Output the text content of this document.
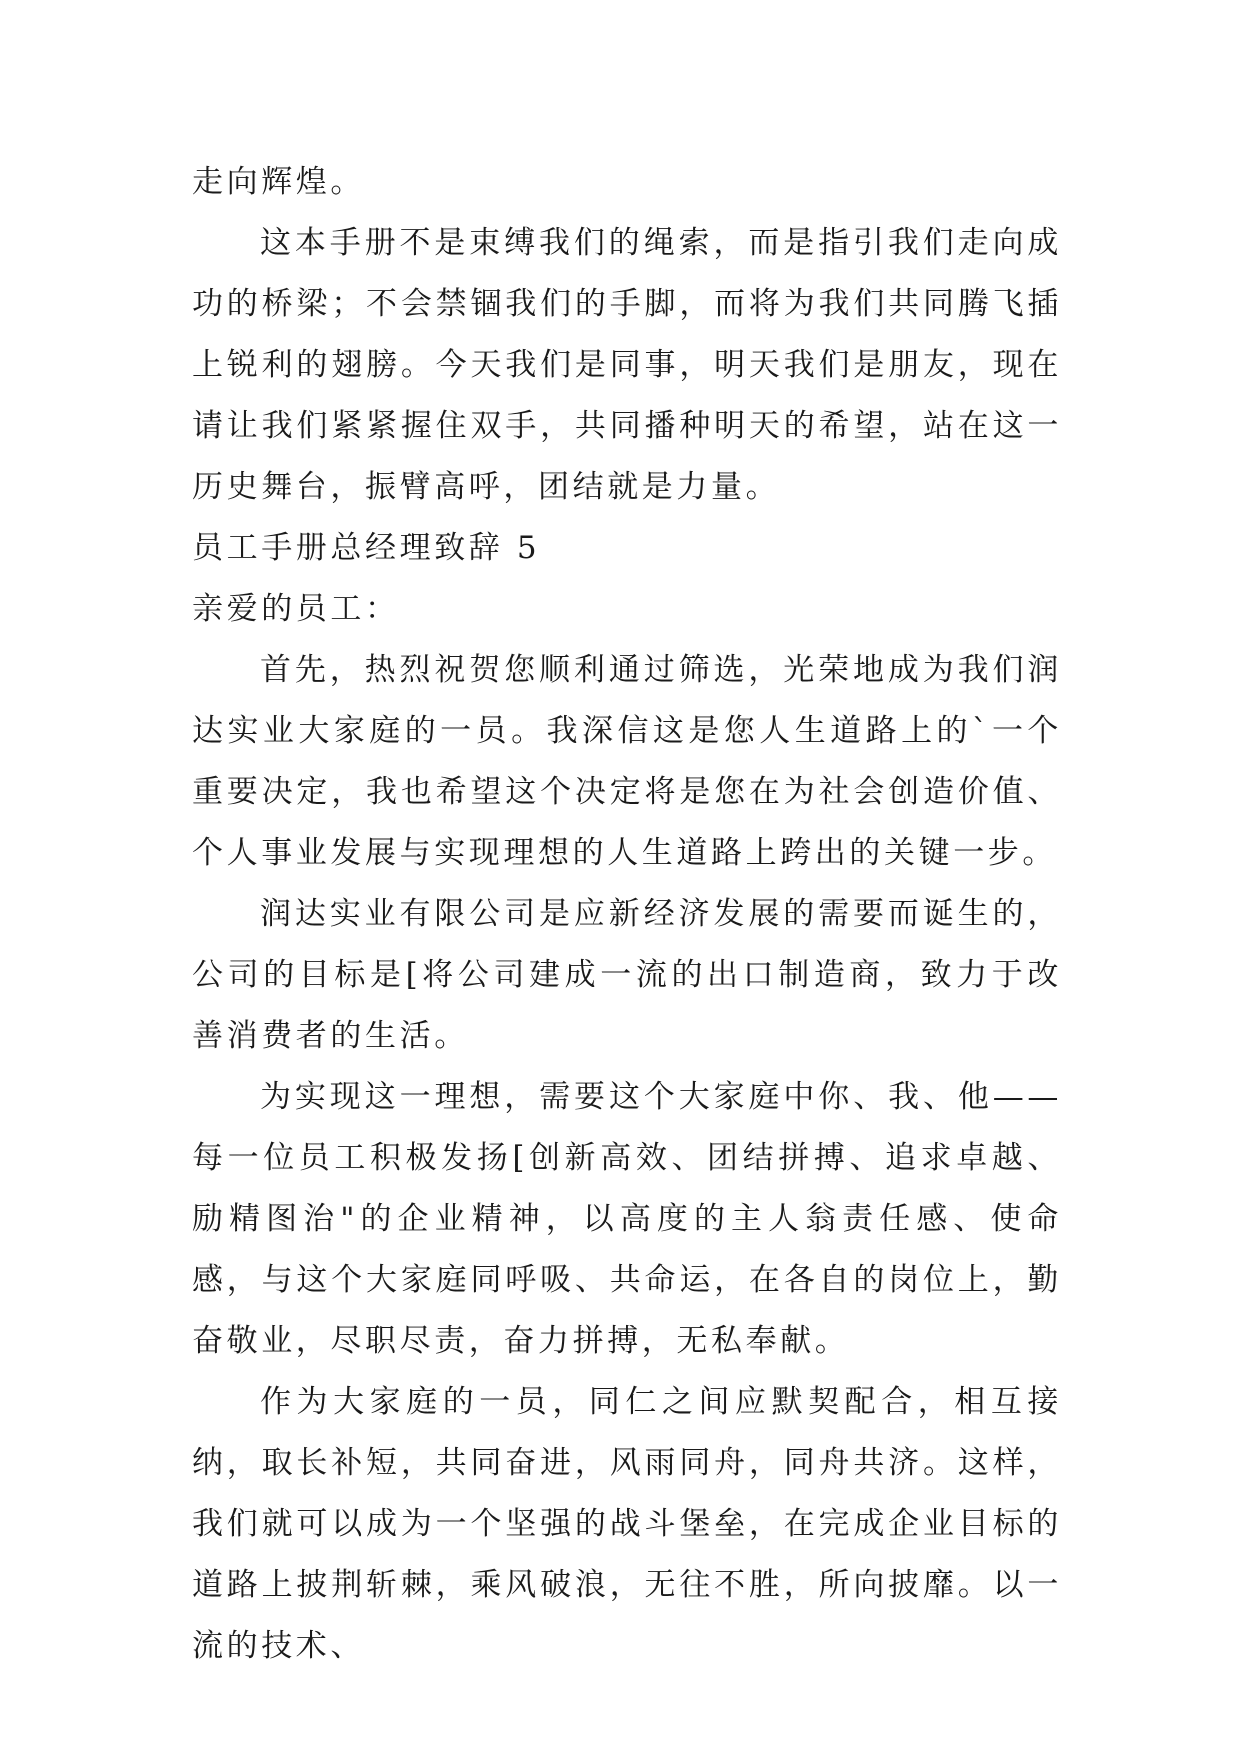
走向辉煌。

这本手册不是束缚我们的绳索，而是指引我们走向成功的桥梁；不会禁锢我们的手脚，而将为我们共同腾飞插上锐利的翅膀。今天我们是同事，明天我们是朋友，现在请让我们紧紧握住双手，共同播种明天的希望，站在这一历史舞台，振臂高呼，团结就是力量。

员工手册总经理致辞 5

亲爱的员工：

首先，热烈祝贺您顺利通过筛选，光荣地成为我们润达实业大家庭的一员。我深信这是您人生道路上的`一个重要决定，我也希望这个决定将是您在为社会创造价值、个人事业发展与实现理想的人生道路上跨出的关键一步。

润达实业有限公司是应新经济发展的需要而诞生的，公司的目标是[将公司建成一流的出口制造商，致力于改善消费者的生活。

为实现这一理想，需要这个大家庭中你、我、他——每一位员工积极发扬[创新高效、团结拼搏、追求卓越、励精图治"的企业精神，以高度的主人翁责任感、使命感，与这个大家庭同呼吸、共命运，在各自的岗位上，勤奋敬业，尽职尽责，奋力拼搏，无私奉献。

作为大家庭的一员，同仁之间应默契配合，相互接纳，取长补短，共同奋进，风雨同舟，同舟共济。这样，我们就可以成为一个坚强的战斗堡垒，在完成企业目标的道路上披荆斩棘，乘风破浪，无往不胜，所向披靡。以一流的技术、
